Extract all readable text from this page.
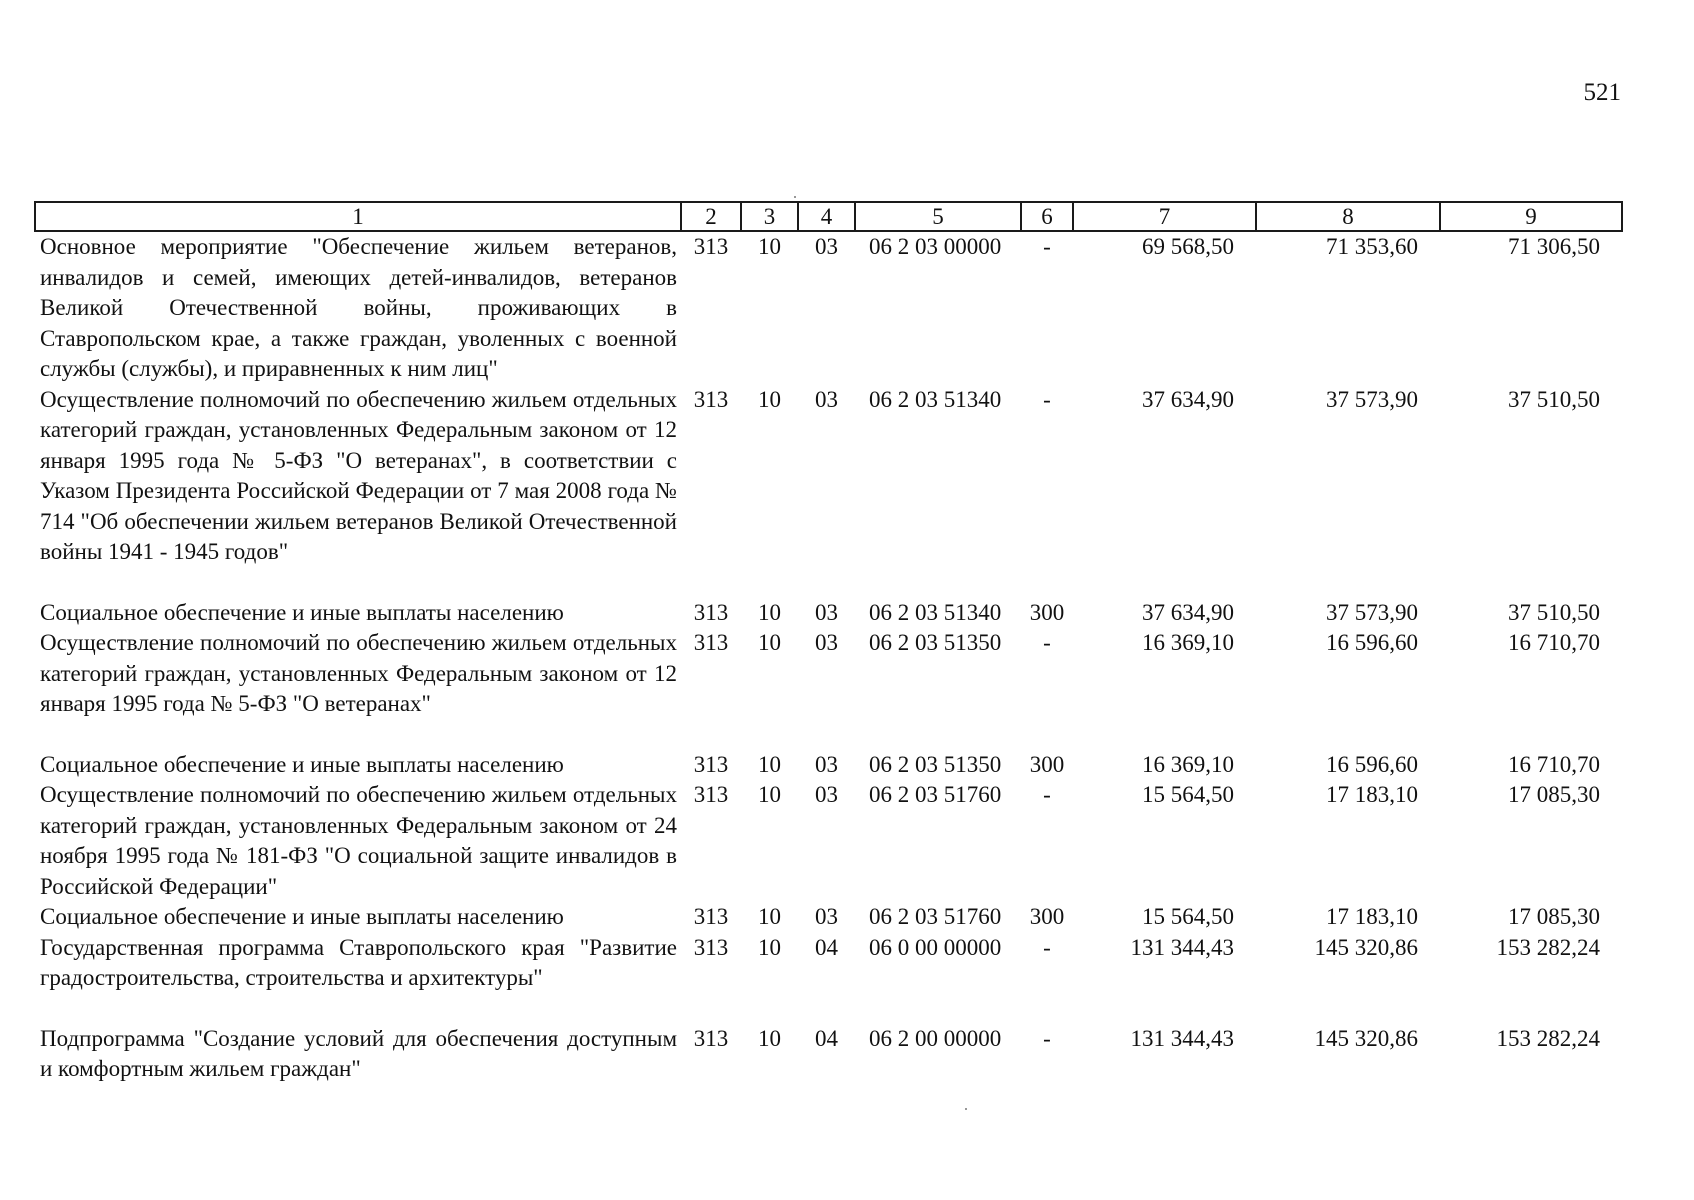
521
1	2	3	4	5	6	7	8	9
Основное мероприятие "Обеспечение жильем ветеранов, инвалидов и семей, имеющих детей-инвалидов, ветеранов Великой Отечественной войны, проживающих в Ставропольском крае, а также граждан, уволенных с военной службы (службы), и приравненных к ним лиц"	313	10	03	06 2 03 00000	-	69 568,50	71 353,60	71 306,50
Осуществление полномочий по обеспечению жильем отдельных категорий граждан, установленных Федеральным законом от 12 января 1995 года № 5-ФЗ "О ветеранах", в соответствии с Указом Президента Российской Федерации от 7 мая 2008 года № 714 "Об обеспечении жильем ветеранов Великой Отечественной войны 1941 - 1945 годов"	313	10	03	06 2 03 51340	-	37 634,90	37 573,90	37 510,50
Социальное обеспечение и иные выплаты населению	313	10	03	06 2 03 51340	300	37 634,90	37 573,90	37 510,50
Осуществление полномочий по обеспечению жильем отдельных категорий граждан, установленных Федеральным законом от 12 января 1995 года № 5-ФЗ "О ветеранах"	313	10	03	06 2 03 51350	-	16 369,10	16 596,60	16 710,70
Социальное обеспечение и иные выплаты населению	313	10	03	06 2 03 51350	300	16 369,10	16 596,60	16 710,70
Осуществление полномочий по обеспечению жильем отдельных категорий граждан, установленных Федеральным законом от 24 ноября 1995 года № 181-ФЗ "О социальной защите инвалидов в Российской Федерации"	313	10	03	06 2 03 51760	-	15 564,50	17 183,10	17 085,30
Социальное обеспечение и иные выплаты населению	313	10	03	06 2 03 51760	300	15 564,50	17 183,10	17 085,30
Государственная программа Ставропольского края "Развитие градостроительства, строительства и архитектуры"	313	10	04	06 0 00 00000	-	131 344,43	145 320,86	153 282,24
Подпрограмма "Создание условий для обеспечения доступным и комфортным жильем граждан"	313	10	04	06 2 00 00000	-	131 344,43	145 320,86	153 282,24
